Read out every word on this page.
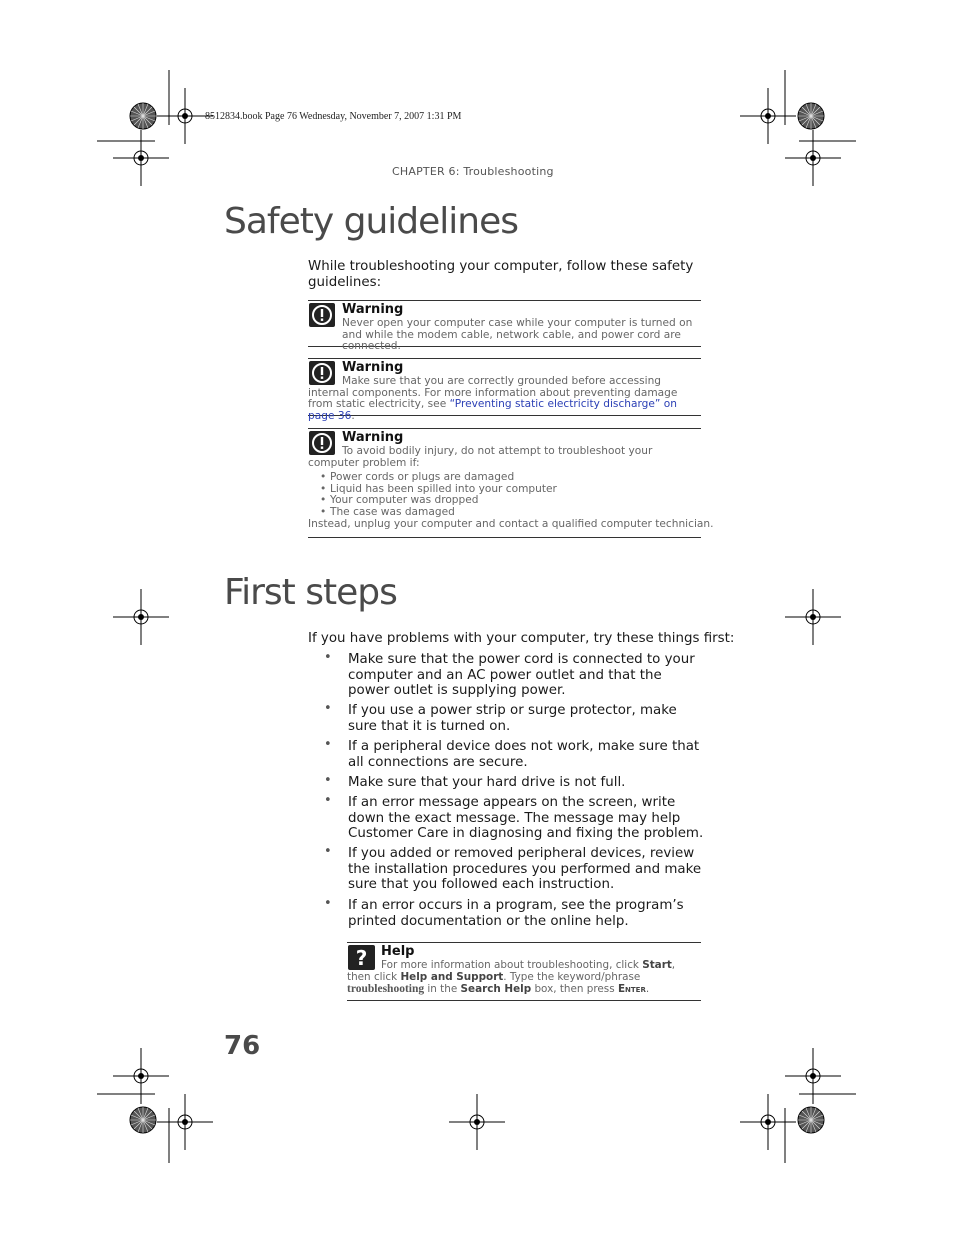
8512834.book Page 76 Wednesday, November 7, 2007 1:31 PM
CHAPTER 6: Troubleshooting
Safety guidelines
While troubleshooting your computer, follow these safety guidelines:
Warning
Never open your computer case while your computer is turned on and while the modem cable, network cable, and power cord are connected.
Warning
Make sure that you are correctly grounded before accessing internal components. For more information about preventing damage from static electricity, see “Preventing static electricity discharge” on page 36.
Warning
To avoid bodily injury, do not attempt to troubleshoot your computer problem if:
• Power cords or plugs are damaged
• Liquid has been spilled into your computer
• Your computer was dropped
• The case was damaged
Instead, unplug your computer and contact a qualified computer technician.
First steps
If you have problems with your computer, try these things first:
• Make sure that the power cord is connected to your computer and an AC power outlet and that the power outlet is supplying power.
• If you use a power strip or surge protector, make sure that it is turned on.
• If a peripheral device does not work, make sure that all connections are secure.
• Make sure that your hard drive is not full.
• If an error message appears on the screen, write down the exact message. The message may help Customer Care in diagnosing and fixing the problem.
• If you added or removed peripheral devices, review the installation procedures you performed and make sure that you followed each instruction.
• If an error occurs in a program, see the program’s printed documentation or the online help.
? Help
For more information about troubleshooting, click Start, then click Help and Support. Type the keyword/phrase troubleshooting in the Search Help box, then press Enter.
76
